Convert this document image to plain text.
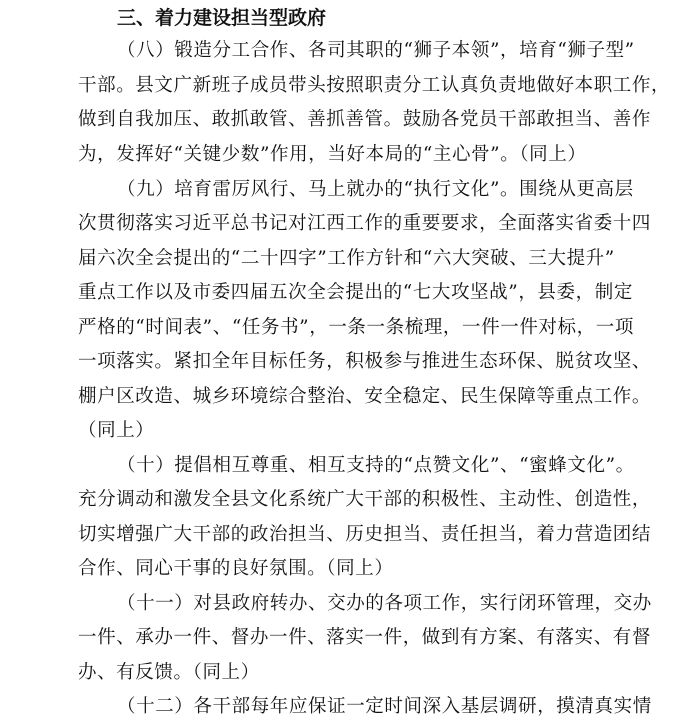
三、着力建设担当型政府
（八）锻造分工合作、各司其职的“狮子本领”，培育“狮子型”
干部。县文广新班子成员带头按照职责分工认真负责地做好本职工作，
做到自我加压、敢抓敢管、善抓善管。鼓励各党员干部敢担当、善作
为，发挥好“关键少数”作用，当好本局的“主心骨”。（同上）
（九）培育雷厉风行、马上就办的“执行文化”。围绕从更高层
次贯彻落实习近平总书记对江西工作的重要要求，全面落实省委十四
届六次全会提出的“二十四字”工作方针和“六大突破、三大提升”
重点工作以及市委四届五次全会提出的“七大攻坚战”，县委，制定
严格的“时间表”、“任务书”，一条一条梳理，一件一件对标，一项
一项落实。紧扣全年目标任务，积极参与推进生态环保、脱贫攻坚、
棚户区改造、城乡环境综合整治、安全稳定、民生保障等重点工作。
（同上）
（十）提倡相互尊重、相互支持的“点赞文化”、“蜜蜂文化”。
充分调动和激发全县文化系统广大干部的积极性、主动性、创造性，
切实增强广大干部的政治担当、历史担当、责任担当，着力营造团结
合作、同心干事的良好氛围。（同上）
（十一）对县政府转办、交办的各项工作，实行闭环管理，交办
一件、承办一件、督办一件、落实一件，做到有方案、有落实、有督
办、有反馈。（同上）
（十二）各干部每年应保证一定时间深入基层调研，摸清真实情
